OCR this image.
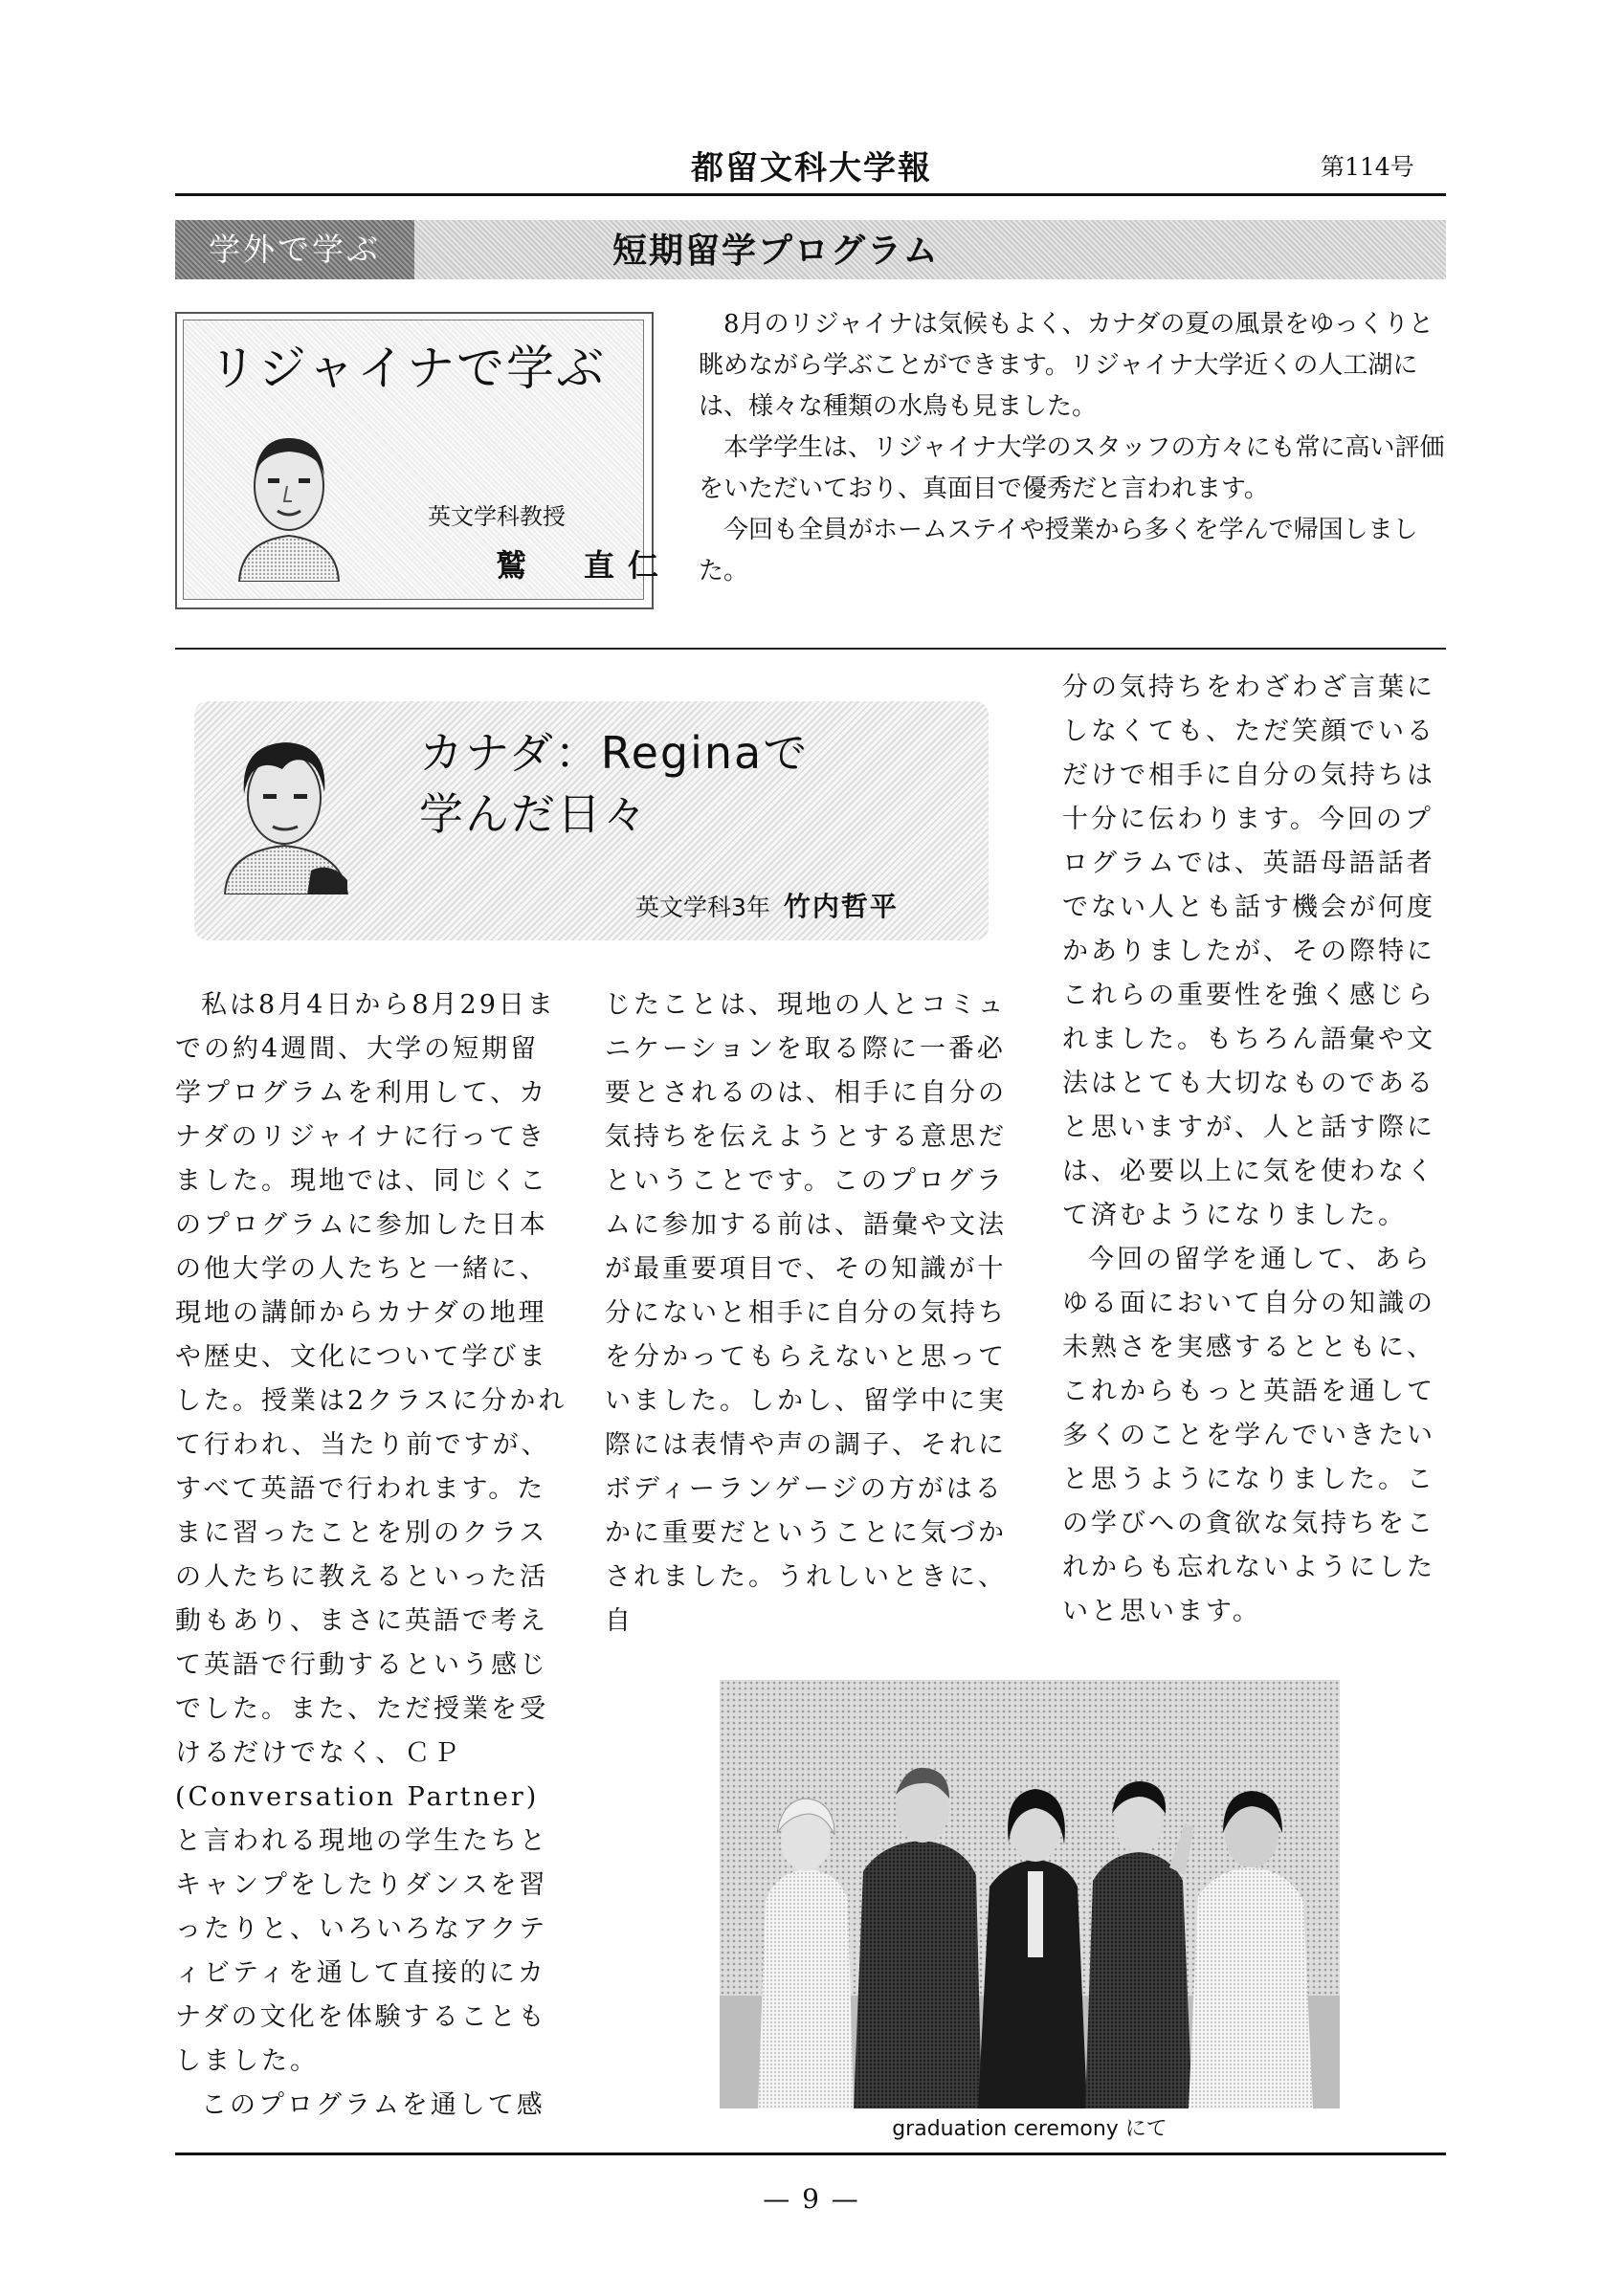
都留文科大学報	第114号
学外で学ぶ	短期留学プログラム
リジャイナで学ぶ
英文学科教授
鷲　直仁

8月のリジャイナは気候もよく、カナダの夏の風景をゆっくりと眺めながら学ぶことができます。リジャイナ大学近くの人工湖には、様々な種類の水鳥も見ました。

本学学生は、リジャイナ大学のスタッフの方々にも常に高い評価をいただいており、真面目で優秀だと言われます。

今回も全員がホームステイや授業から多くを学んで帰国しました。

カナダ：Reginaで
学んだ日々
英文学科3年 竹内哲平

私は8月4日から8月29日までの約4週間、大学の短期留学プログラムを利用して、カナダのリジャイナに行ってきました。現地では、同じくこのプログラムに参加した日本の他大学の人たちと一緒に、現地の講師からカナダの地理や歴史、文化について学びました。授業は2クラスに分かれて行われ、当たり前ですが、すべて英語で行われます。たまに習ったことを別のクラスの人たちに教えるといった活動もあり、まさに英語で考えて英語で行動するという感じでした。また、ただ授業を受けるだけでなく、ＣＰ(Conversation Partner) と言われる現地の学生たちとキャンプをしたりダンスを習ったりと、いろいろなアクティビティを通して直接的にカナダの文化を体験することもしました。

このプログラムを通して感

じたことは、現地の人とコミュニケーションを取る際に一番必要とされるのは、相手に自分の気持ちを伝えようとする意思だということです。このプログラムに参加する前は、語彙や文法が最重要項目で、その知識が十分にないと相手に自分の気持ちを分かってもらえないと思っていました。しかし、留学中に実際には表情や声の調子、それにボディーランゲージの方がはるかに重要だということに気づかされました。うれしいときに、自

分の気持ちをわざわざ言葉にしなくても、ただ笑顔でいるだけで相手に自分の気持ちは十分に伝わります。今回のプログラムでは、英語母語話者でない人とも話す機会が何度かありましたが、その際特にこれらの重要性を強く感じられました。もちろん語彙や文法はとても大切なものであると思いますが、人と話す際には、必要以上に気を使わなくて済むようになりました。

今回の留学を通して、あらゆる面において自分の知識の未熟さを実感するとともに、これからもっと英語を通して多くのことを学んでいきたいと思うようになりました。この学びへの貪欲な気持ちをこれからも忘れないようにしたいと思います。

graduation ceremony にて
— 9 —
